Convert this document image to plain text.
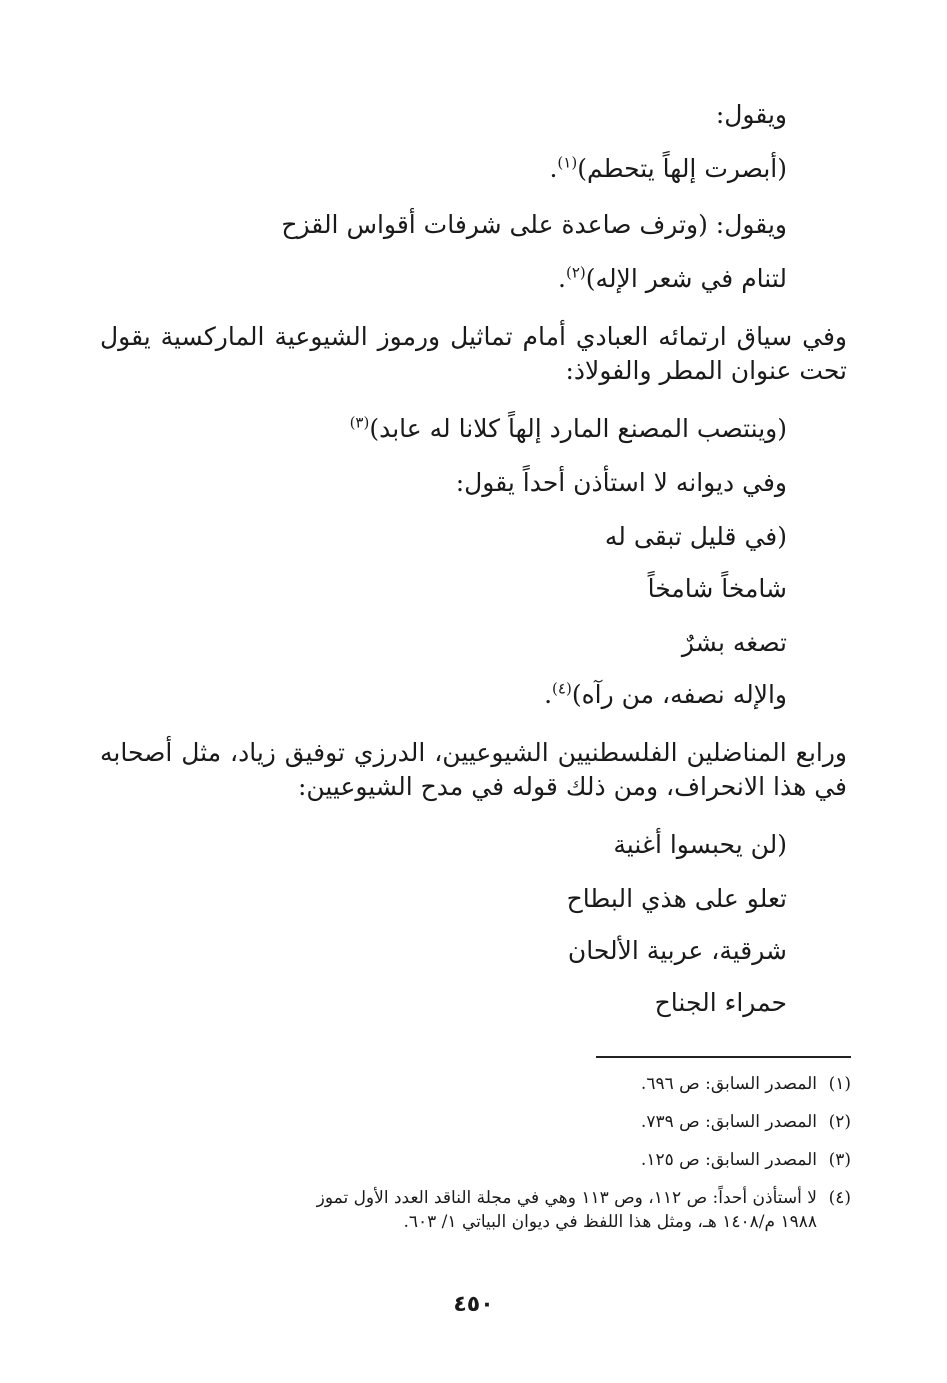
ويقول:
(أبصرت إلهاً يتحطم)$^{(١)}$.
ويقول: (وترف صاعدة على شرفات أقواس القزح
لتنام في شعر الإله)$^{(٢)}$.
وفي سياق ارتمائه العبادي أمام تماثيل ورموز الشيوعية الماركسية يقول تحت عنوان المطر والفولاذ:
(وينتصب المصنع المارد إلهاً كلانا له عابد)$^{(٣)}$
وفي ديوانه لا استأذن أحداً يقول:
(في قليل تبقى له
شامخاً شامخاً
تصغه بشرٌ
والإله نصفه، من رآه)$^{(٤)}$.
ورابع المناضلين الفلسطنيين الشيوعيين، الدرزي توفيق زياد، مثل أصحابه في هذا الانحراف، ومن ذلك قوله في مدح الشيوعيين:
(لن يحبسوا أغنية
تعلو على هذي البطاح
شرقية، عربية الألحان
حمراء الجناح
(١)المصدر السابق: ص ٦٩٦.
(٢)المصدر السابق: ص ٧٣٩.
(٣)المصدر السابق: ص ١٢٥.
(٤)لا أستأذن أحداً: ص ١١٢، وص ١١٣ وهي في مجلة الناقد العدد الأول تموز
١٩٨٨ م/١٤٠٨ هـ، ومثل هذا اللفظ في ديوان البياتي ١/ ٦٠٣.
٤٥٠
